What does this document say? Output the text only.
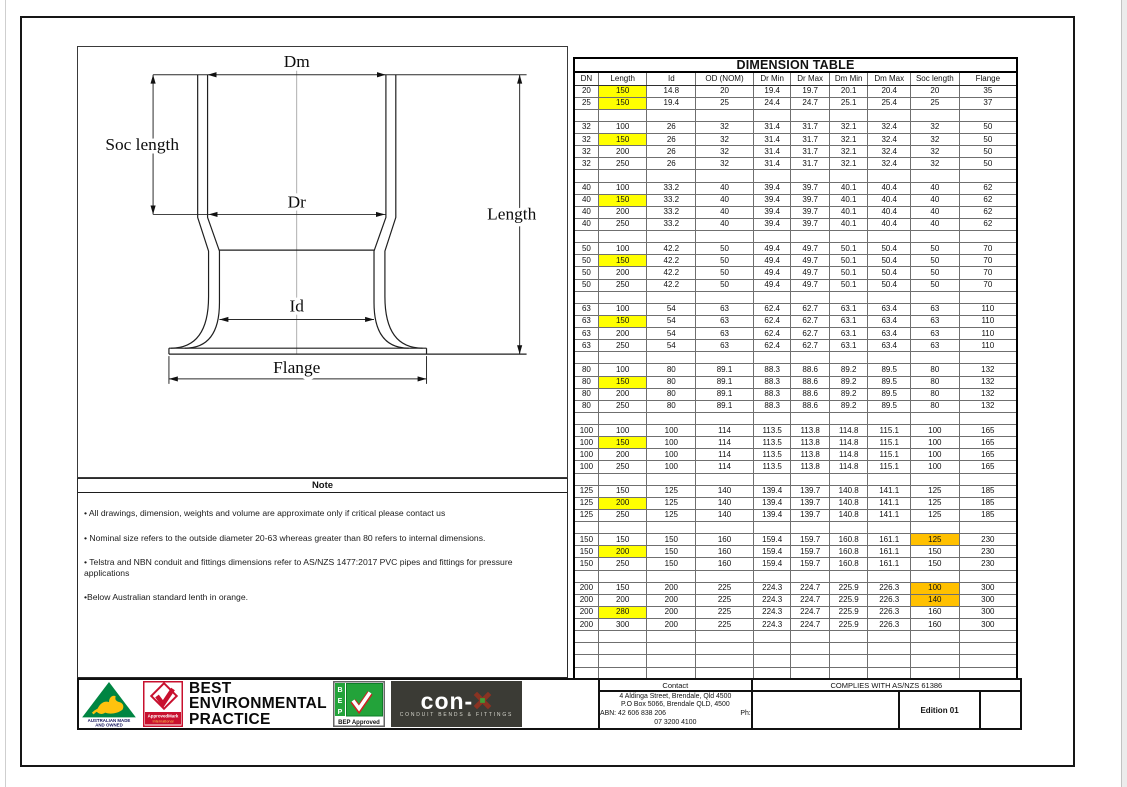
Dm
Soc length
Dr
Id
Length
Flange
Note

• All drawings, dimension, weights and volume are approximate only if critical please contact us

• Nominal size refers to the outside diameter 20-63 whereas greater than 80 refers to internal dimensions.

• Telstra and NBN conduit and fittings dimensions refer to AS/NZS 1477:2017 PVC pipes and fittings for pressure applications

•Below Australian standard lenth in orange.

DIMENSION TABLE
DN	Length	Id	OD (NOM)	Dr Min	Dr Max	Dm Min	Dm Max	Soc length	Flange
20	150	14.8	20	19.4	19.7	20.1	20.4	20	35
25	150	19.4	25	24.4	24.7	25.1	25.4	25	37

32	100	26	32	31.4	31.7	32.1	32.4	32	50
32	150	26	32	31.4	31.7	32.1	32.4	32	50
32	200	26	32	31.4	31.7	32.1	32.4	32	50
32	250	26	32	31.4	31.7	32.1	32.4	32	50

40	100	33.2	40	39.4	39.7	40.1	40.4	40	62
40	150	33.2	40	39.4	39.7	40.1	40.4	40	62
40	200	33.2	40	39.4	39.7	40.1	40.4	40	62
40	250	33.2	40	39.4	39.7	40.1	40.4	40	62

50	100	42.2	50	49.4	49.7	50.1	50.4	50	70
50	150	42.2	50	49.4	49.7	50.1	50.4	50	70
50	200	42.2	50	49.4	49.7	50.1	50.4	50	70
50	250	42.2	50	49.4	49.7	50.1	50.4	50	70

63	100	54	63	62.4	62.7	63.1	63.4	63	110
63	150	54	63	62.4	62.7	63.1	63.4	63	110
63	200	54	63	62.4	62.7	63.1	63.4	63	110
63	250	54	63	62.4	62.7	63.1	63.4	63	110

80	100	80	89.1	88.3	88.6	89.2	89.5	80	132
80	150	80	89.1	88.3	88.6	89.2	89.5	80	132
80	200	80	89.1	88.3	88.6	89.2	89.5	80	132
80	250	80	89.1	88.3	88.6	89.2	89.5	80	132

100	100	100	114	113.5	113.8	114.8	115.1	100	165
100	150	100	114	113.5	113.8	114.8	115.1	100	165
100	200	100	114	113.5	113.8	114.8	115.1	100	165
100	250	100	114	113.5	113.8	114.8	115.1	100	165

125	150	125	140	139.4	139.7	140.8	141.1	125	185
125	200	125	140	139.4	139.7	140.8	141.1	125	185
125	250	125	140	139.4	139.7	140.8	141.1	125	185

150	150	150	160	159.4	159.7	160.8	161.1	125	230
150	200	150	160	159.4	159.7	160.8	161.1	150	230
150	250	150	160	159.4	159.7	160.8	161.1	150	230

200	150	200	225	224.3	224.7	225.9	226.3	100	300
200	200	200	225	224.3	224.7	225.9	226.3	140	300
200	280	200	225	224.3	224.7	225.9	226.3	160	300
200	300	200	225	224.3	224.7	225.9	226.3	160	300

AUSTRALIAN MADE
AND OWNED
ApprovedMark
International
BEST
ENVIRONMENTAL
PRACTICE
B
E
P
BEP Approved
con-
CONDUIT BENDS & FITTINGS
Contact	COMPLIES WITH AS/NZS 61386		

4 Aldinga Street, Brendale, Qld 4500
P.O Box 5066, Brendale QLD, 4500
ABN: 42 606 838 206 Ph:
07 3200 4100		Edition 01	
